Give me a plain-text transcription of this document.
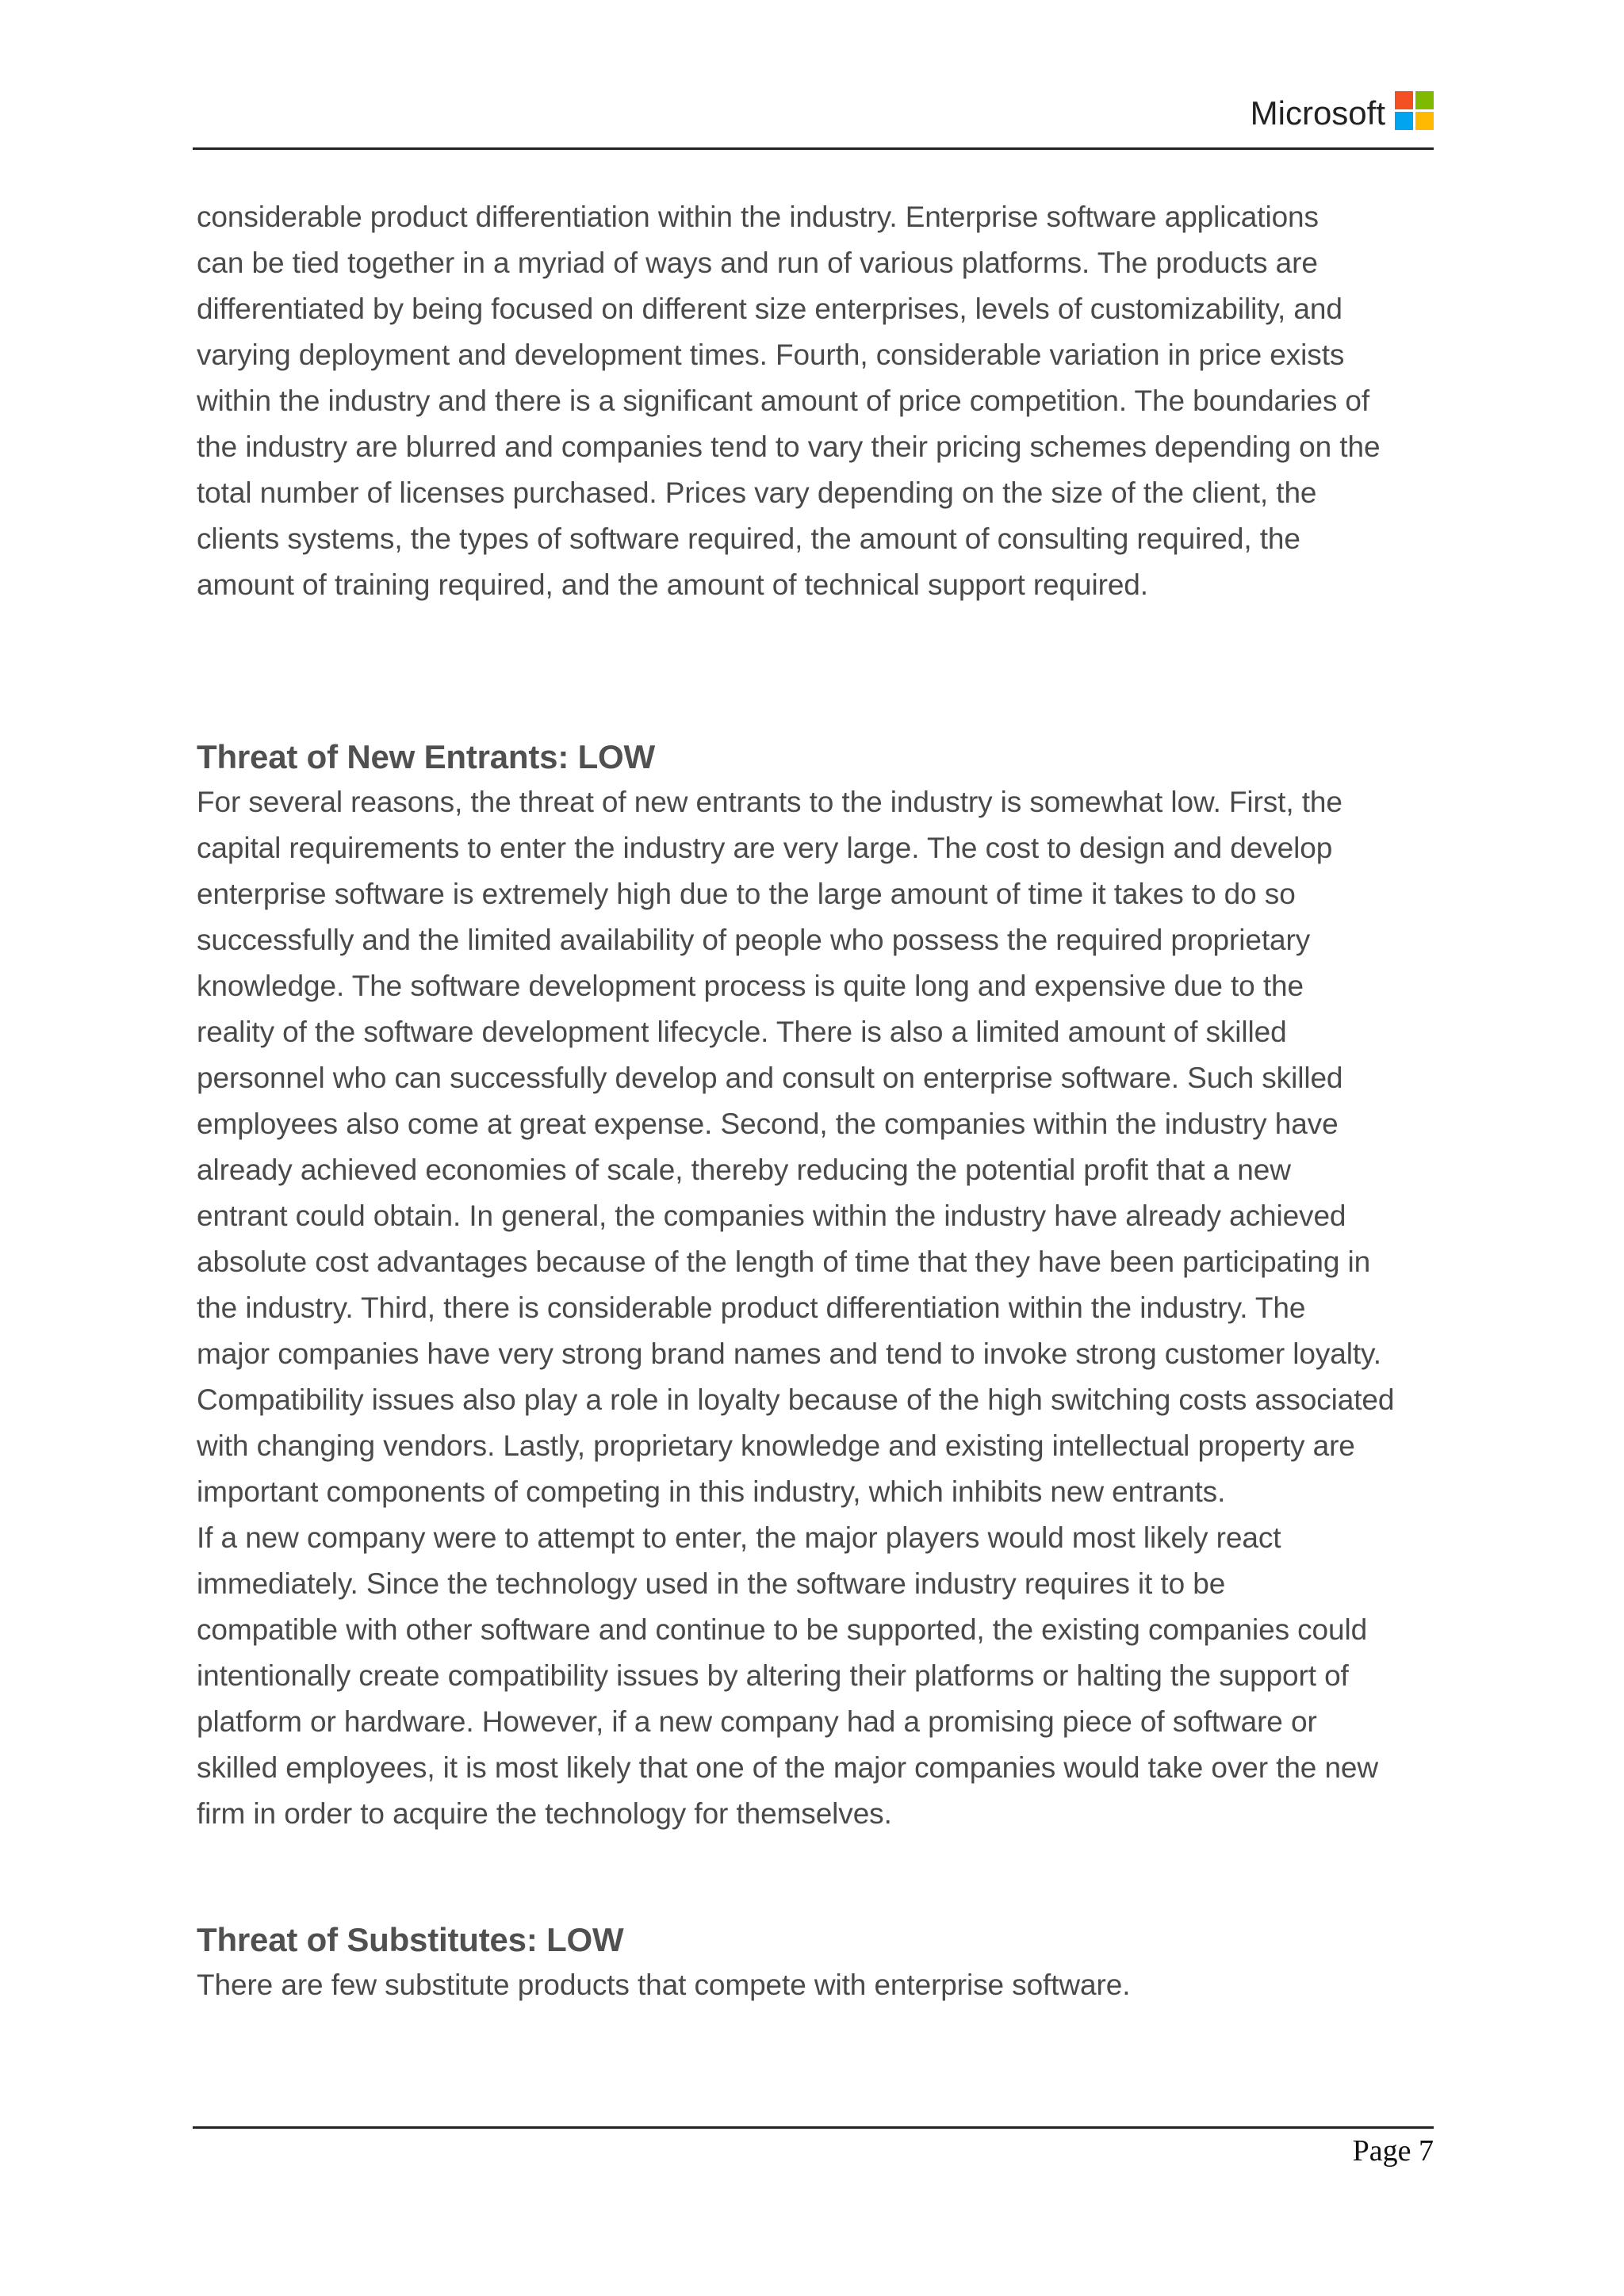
Microsoft

considerable product differentiation within the industry. Enterprise software applications
can be tied together in a myriad of ways and run of various platforms. The products are
differentiated by being focused on different size enterprises, levels of customizability, and
varying deployment and development times. Fourth, considerable variation in price exists
within the industry and there is a significant amount of price competition. The boundaries of
the industry are blurred and companies tend to vary their pricing schemes depending on the
total number of licenses purchased. Prices vary depending on the size of the client, the
clients systems, the types of software required, the amount of consulting required, the
amount of training required, and the amount of technical support required.

Threat of New Entrants: LOW

For several reasons, the threat of new entrants to the industry is somewhat low. First, the
capital requirements to enter the industry are very large. The cost to design and develop
enterprise software is extremely high due to the large amount of time it takes to do so
successfully and the limited availability of people who possess the required proprietary
knowledge. The software development process is quite long and expensive due to the
reality of the software development lifecycle. There is also a limited amount of skilled
personnel who can successfully develop and consult on enterprise software. Such skilled
employees also come at great expense. Second, the companies within the industry have
already achieved economies of scale, thereby reducing the potential profit that a new
entrant could obtain. In general, the companies within the industry have already achieved
absolute cost advantages because of the length of time that they have been participating in
the industry. Third, there is considerable product differentiation within the industry. The
major companies have very strong brand names and tend to invoke strong customer loyalty.
Compatibility issues also play a role in loyalty because of the high switching costs associated
with changing vendors. Lastly, proprietary knowledge and existing intellectual property are
important components of competing in this industry, which inhibits new entrants.

If a new company were to attempt to enter, the major players would most likely react
immediately. Since the technology used in the software industry requires it to be
compatible with other software and continue to be supported, the existing companies could
intentionally create compatibility issues by altering their platforms or halting the support of
platform or hardware. However, if a new company had a promising piece of software or
skilled employees, it is most likely that one of the major companies would take over the new
firm in order to acquire the technology for themselves.

Threat of Substitutes: LOW

There are few substitute products that compete with enterprise software.

Page 7
